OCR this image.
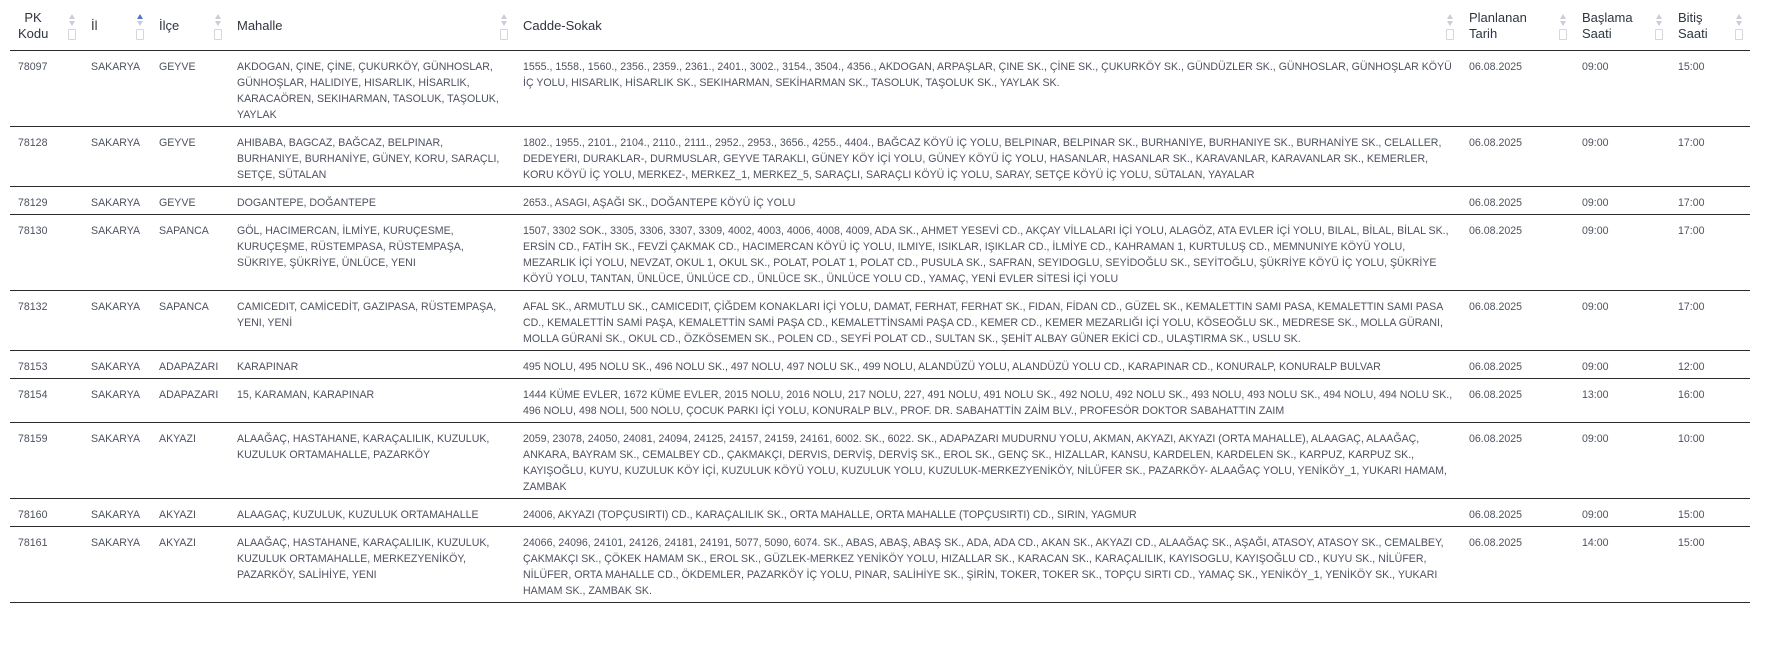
PK Kodu	İl	İlçe	Mahalle	Cadde-Sokak	Planlanan Tarih	Başlama Saati	Bitiş Saati

78097	SAKARYA	GEYVE	AKDOGAN, ÇINE, ÇİNE, ÇUKURKÖY, GÜNHOSLAR, GÜNHOŞLAR, HALIDIYE, HISARLIK, HİSARLIK, KARACAÖREN, SEKIHARMAN, TASOLUK, TAŞOLUK, YAYLAK	1555., 1558., 1560., 2356., 2359., 2361., 2401., 3002., 3154., 3504., 4356., AKDOGAN, ARPAŞLAR, ÇINE SK., ÇİNE SK., ÇUKURKÖY SK., GÜNDÜZLER SK., GÜNHOSLAR, GÜNHOŞLAR KÖYÜ İÇ YOLU, HISARLIK, HİSARLIK SK., SEKIHARMAN, SEKİHARMAN SK., TASOLUK, TAŞOLUK SK., YAYLAK SK.	06.08.2025	09:00	15:00
78128	SAKARYA	GEYVE	AHIBABA, BAGCAZ, BAĞCAZ, BELPINAR, BURHANIYE, BURHANİYE, GÜNEY, KORU, SARAÇLI, SETÇE, SÜTALAN	1802., 1955., 2101., 2104., 2110., 2111., 2952., 2953., 3656., 4255., 4404., BAĞCAZ KÖYÜ İÇ YOLU, BELPINAR, BELPINAR SK., BURHANIYE, BURHANIYE SK., BURHANİYE SK., CELALLER, DEDEYERI, DURAKLAR-, DURMUSLAR, GEYVE TARAKLI, GÜNEY KÖY İÇİ YOLU, GÜNEY KÖYÜ İÇ YOLU, HASANLAR, HASANLAR SK., KARAVANLAR, KARAVANLAR SK., KEMERLER, KORU KÖYÜ İÇ YOLU, MERKEZ-, MERKEZ_1, MERKEZ_5, SARAÇLI, SARAÇLI KÖYÜ İÇ YOLU, SARAY, SETÇE KÖYÜ İÇ YOLU, SÜTALAN, YAYALAR	06.08.2025	09:00	17:00
78129	SAKARYA	GEYVE	DOGANTEPE, DOĞANTEPE	2653., ASAGI, AŞAĞI SK., DOĞANTEPE KÖYÜ İÇ YOLU	06.08.2025	09:00	17:00
78130	SAKARYA	SAPANCA	GÖL, HACIMERCAN, İLMİYE, KURUÇESME, KURUÇEŞME, RÜSTEMPASA, RÜSTEMPAŞA, SÜKRIYE, ŞÜKRİYE, ÜNLÜCE, YENI	1507, 3302 SOK., 3305, 3306, 3307, 3309, 4002, 4003, 4006, 4008, 4009, ADA SK., AHMET YESEVİ CD., AKÇAY VİLLALARI İÇİ YOLU, ALAGÖZ, ATA EVLER İÇİ YOLU, BILAL, BİLAL, BİLAL SK., ERSİN CD., FATİH SK., FEVZİ ÇAKMAK CD., HACIMERCAN KÖYÜ İÇ YOLU, ILMIYE, ISIKLAR, IŞIKLAR CD., İLMİYE CD., KAHRAMAN 1, KURTULUŞ CD., MEMNUNIYE KÖYÜ YOLU, MEZARLIK İÇİ YOLU, NEVZAT, OKUL 1, OKUL SK., POLAT, POLAT 1, POLAT CD., PUSULA SK., SAFRAN, SEYIDOGLU, SEYİDOĞLU SK., SEYİTOĞLU, ŞÜKRİYE KÖYÜ İÇ YOLU, ŞÜKRİYE KÖYÜ YOLU, TANTAN, ÜNLÜCE, ÜNLÜCE CD., ÜNLÜCE SK., ÜNLÜCE YOLU CD., YAMAÇ, YENİ EVLER SİTESİ İÇİ YOLU	06.08.2025	09:00	17:00
78132	SAKARYA	SAPANCA	CAMICEDIT, CAMİCEDİT, GAZIPASA, RÜSTEMPAŞA, YENI, YENİ	AFAL SK., ARMUTLU SK., CAMICEDIT, ÇİĞDEM KONAKLARI İÇİ YOLU, DAMAT, FERHAT, FERHAT SK., FIDAN, FİDAN CD., GÜZEL SK., KEMALETTIN SAMI PASA, KEMALETTIN SAMI PASA CD., KEMALETTİN SAMİ PAŞA, KEMALETTİN SAMİ PAŞA CD., KEMALETTİNSAMİ PAŞA CD., KEMER CD., KEMER MEZARLIĞI İÇİ YOLU, KÖSEOĞLU SK., MEDRESE SK., MOLLA GÜRANI, MOLLA GÜRANİ SK., OKUL CD., ÖZKÖSEMEN SK., POLEN CD., SEYFİ POLAT CD., SULTAN SK., ŞEHİT ALBAY GÜNER EKİCİ CD., ULAŞTIRMA SK., USLU SK.	06.08.2025	09:00	17:00
78153	SAKARYA	ADAPAZARI	KARAPINAR	495 NOLU, 495 NOLU SK., 496 NOLU SK., 497 NOLU, 497 NOLU SK., 499 NOLU, ALANDÜZÜ YOLU, ALANDÜZÜ YOLU CD., KARAPINAR CD., KONURALP, KONURALP BULVAR	06.08.2025	09:00	12:00
78154	SAKARYA	ADAPAZARI	15, KARAMAN, KARAPINAR	1444 KÜME EVLER, 1672 KÜME EVLER, 2015 NOLU, 2016 NOLU, 217 NOLU, 227, 491 NOLU, 491 NOLU SK., 492 NOLU, 492 NOLU SK., 493 NOLU, 493 NOLU SK., 494 NOLU, 494 NOLU SK., 496 NOLU, 498 NOLI, 500 NOLU, ÇOCUK PARKI İÇİ YOLU, KONURALP BLV., PROF. DR. SABAHATTİN ZAİM BLV., PROFESÖR DOKTOR SABAHATTIN ZAIM	06.08.2025	13:00	16:00
78159	SAKARYA	AKYAZI	ALAAĞAÇ, HASTAHANE, KARAÇALILIK, KUZULUK, KUZULUK ORTAMAHALLE, PAZARKÖY	2059, 23078, 24050, 24081, 24094, 24125, 24157, 24159, 24161, 6002. SK., 6022. SK., ADAPAZARI MUDURNU YOLU, AKMAN, AKYAZI, AKYAZI (ORTA MAHALLE), ALAAGAÇ, ALAAĞAÇ, ANKARA, BAYRAM SK., CEMALBEY CD., ÇAKMAKÇI, DERVIS, DERVİŞ, DERVİŞ SK., EROL SK., GENÇ SK., HIZALLAR, KANSU, KARDELEN, KARDELEN SK., KARPUZ, KARPUZ SK., KAYIŞOĞLU, KUYU, KUZULUK KÖY İÇİ, KUZULUK KÖYÜ YOLU, KUZULUK YOLU, KUZULUK-MERKEZYENİKÖY, NİLÜFER SK., PAZARKÖY- ALAAĞAÇ YOLU, YENİKÖY_1, YUKARI HAMAM, ZAMBAK	06.08.2025	09:00	10:00
78160	SAKARYA	AKYAZI	ALAAGAÇ, KUZULUK, KUZULUK ORTAMAHALLE	24006, AKYAZI (TOPÇUSIRTI) CD., KARAÇALILIK SK., ORTA MAHALLE, ORTA MAHALLE (TOPÇUSIRTI) CD., SIRIN, YAGMUR	06.08.2025	09:00	15:00
78161	SAKARYA	AKYAZI	ALAAĞAÇ, HASTAHANE, KARAÇALILIK, KUZULUK, KUZULUK ORTAMAHALLE, MERKEZYENİKÖY, PAZARKÖY, SALİHİYE, YENI	24066, 24096, 24101, 24126, 24181, 24191, 5077, 5090, 6074. SK., ABAS, ABAŞ, ABAŞ SK., ADA, ADA CD., AKAN SK., AKYAZI CD., ALAAĞAÇ SK., AŞAĞI, ATASOY, ATASOY SK., CEMALBEY, ÇAKMAKÇI SK., ÇÖKEK HAMAM SK., EROL SK., GÜZLEK-MERKEZ YENİKÖY YOLU, HIZALLAR SK., KARACAN SK., KARAÇALILIK, KAYISOGLU, KAYIŞOĞLU CD., KUYU SK., NİLÜFER, NİLÜFER, ORTA MAHALLE CD., ÖKDEMLER, PAZARKÖY İÇ YOLU, PINAR, SALİHİYE SK., ŞİRİN, TOKER, TOKER SK., TOPÇU SIRTI CD., YAMAÇ SK., YENİKÖY_1, YENİKÖY SK., YUKARI HAMAM SK., ZAMBAK SK.	06.08.2025	14:00	15:00
